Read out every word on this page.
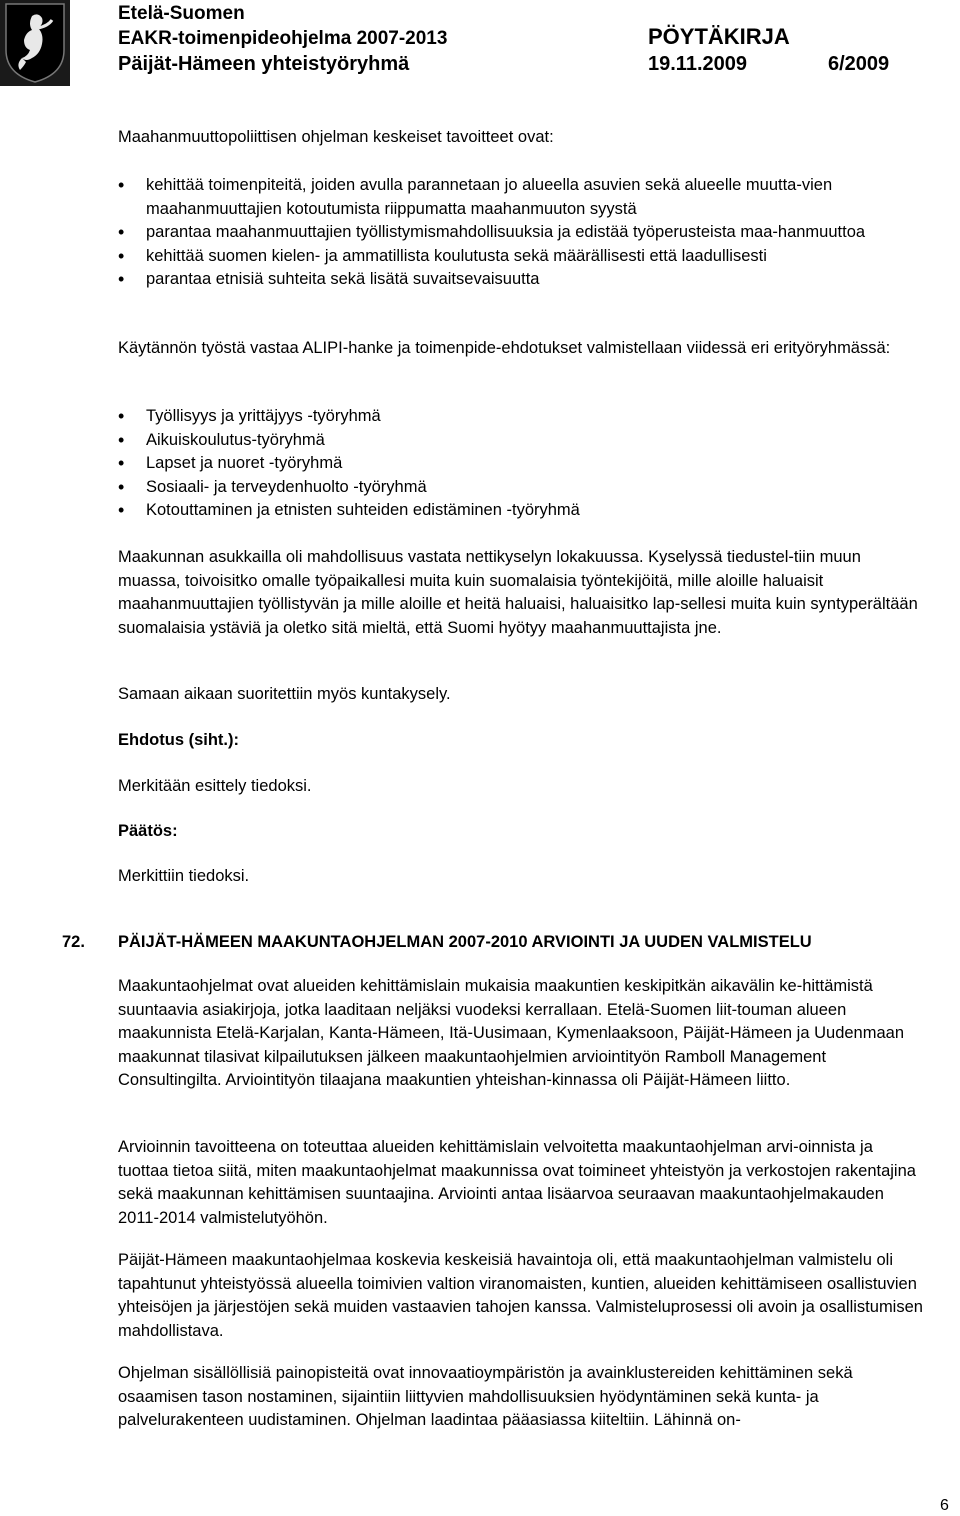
Etelä-Suomen
EAKR-toimenpideohjelma 2007-2013
Päijät-Hämeen yhteistyöryhmä
PÖYTÄKIRJA
19.11.2009	6/2009

Maahanmuuttopoliittisen ohjelman keskeiset tavoitteet ovat:

• kehittää toimenpiteitä, joiden avulla parannetaan jo alueella asuvien sekä alueelle muutta-vien maahanmuuttajien kotoutumista riippumatta maahanmuuton syystä
• parantaa maahanmuuttajien työllistymismahdollisuuksia ja edistää työperusteista maa-hanmuuttoa
• kehittää suomen kielen- ja ammatillista koulutusta sekä määrällisesti että laadullisesti
• parantaa etnisiä suhteita sekä lisätä suvaitsevaisuutta

Käytännön työstä vastaa ALIPI-hanke ja toimenpide-ehdotukset valmistellaan viidessä eri erityöryhmässä:

• Työllisyys ja yrittäjyys -työryhmä
• Aikuiskoulutus-työryhmä
• Lapset ja nuoret -työryhmä
• Sosiaali- ja terveydenhuolto -työryhmä
• Kotouttaminen ja etnisten suhteiden edistäminen -työryhmä

Maakunnan asukkailla oli mahdollisuus vastata nettikyselyn lokakuussa. Kyselyssä tiedustel-tiin muun muassa, toivoisitko omalle työpaikallesi muita kuin suomalaisia työntekijöitä, mille aloille haluaisit maahanmuuttajien työllistyvän ja mille aloille et heitä haluaisi, haluaisitko lap-sellesi muita kuin syntyperältään suomalaisia ystäviä ja oletko sitä mieltä, että Suomi hyötyy maahanmuuttajista jne.

Samaan aikaan suoritettiin myös kuntakysely.

Ehdotus (siht.):

Merkitään esittely tiedoksi.

Päätös:

Merkittiin tiedoksi.

72. PÄIJÄT-HÄMEEN MAAKUNTAOHJELMAN 2007-2010 ARVIOINTI JA UUDEN VALMISTELU

Maakuntaohjelmat ovat alueiden kehittämislain mukaisia maakuntien keskipitkän aikavälin ke-hittämistä suuntaavia asiakirjoja, jotka laaditaan neljäksi vuodeksi kerrallaan. Etelä-Suomen liit-touman alueen maakunnista Etelä-Karjalan, Kanta-Hämeen, Itä-Uusimaan, Kymenlaaksoon, Päijät-Hämeen ja Uudenmaan maakunnat tilasivat kilpailutuksen jälkeen maakuntaohjelmien arviointityön Ramboll Management Consultingilta. Arviointityön tilaajana maakuntien yhteishan-kinnassa oli Päijät-Hämeen liitto.

Arvioinnin tavoitteena on toteuttaa alueiden kehittämislain velvoitetta maakuntaohjelman arvi-oinnista ja tuottaa tietoa siitä, miten maakuntaohjelmat maakunnissa ovat toimineet yhteistyön ja verkostojen rakentajina sekä maakunnan kehittämisen suuntaajina. Arviointi antaa lisäarvoa seuraavan maakuntaohjelmakauden 2011-2014 valmistelutyöhön.

Päijät-Hämeen maakuntaohjelmaa koskevia keskeisiä havaintoja oli, että maakuntaohjelman valmistelu oli tapahtunut yhteistyössä alueella toimivien valtion viranomaisten, kuntien, alueiden kehittämiseen osallistuvien yhteisöjen ja järjestöjen sekä muiden vastaavien tahojen kanssa. Valmisteluprosessi oli avoin ja osallistumisen mahdollistava.

Ohjelman sisällöllisiä painopisteitä ovat innovaatioympäristön ja avainklustereiden kehittäminen sekä osaamisen tason nostaminen, sijaintiin liittyvien mahdollisuuksien hyödyntäminen sekä kunta- ja palvelurakenteen uudistaminen. Ohjelman laadintaa pääasiassa kiiteltiin. Lähinnä on-

6
